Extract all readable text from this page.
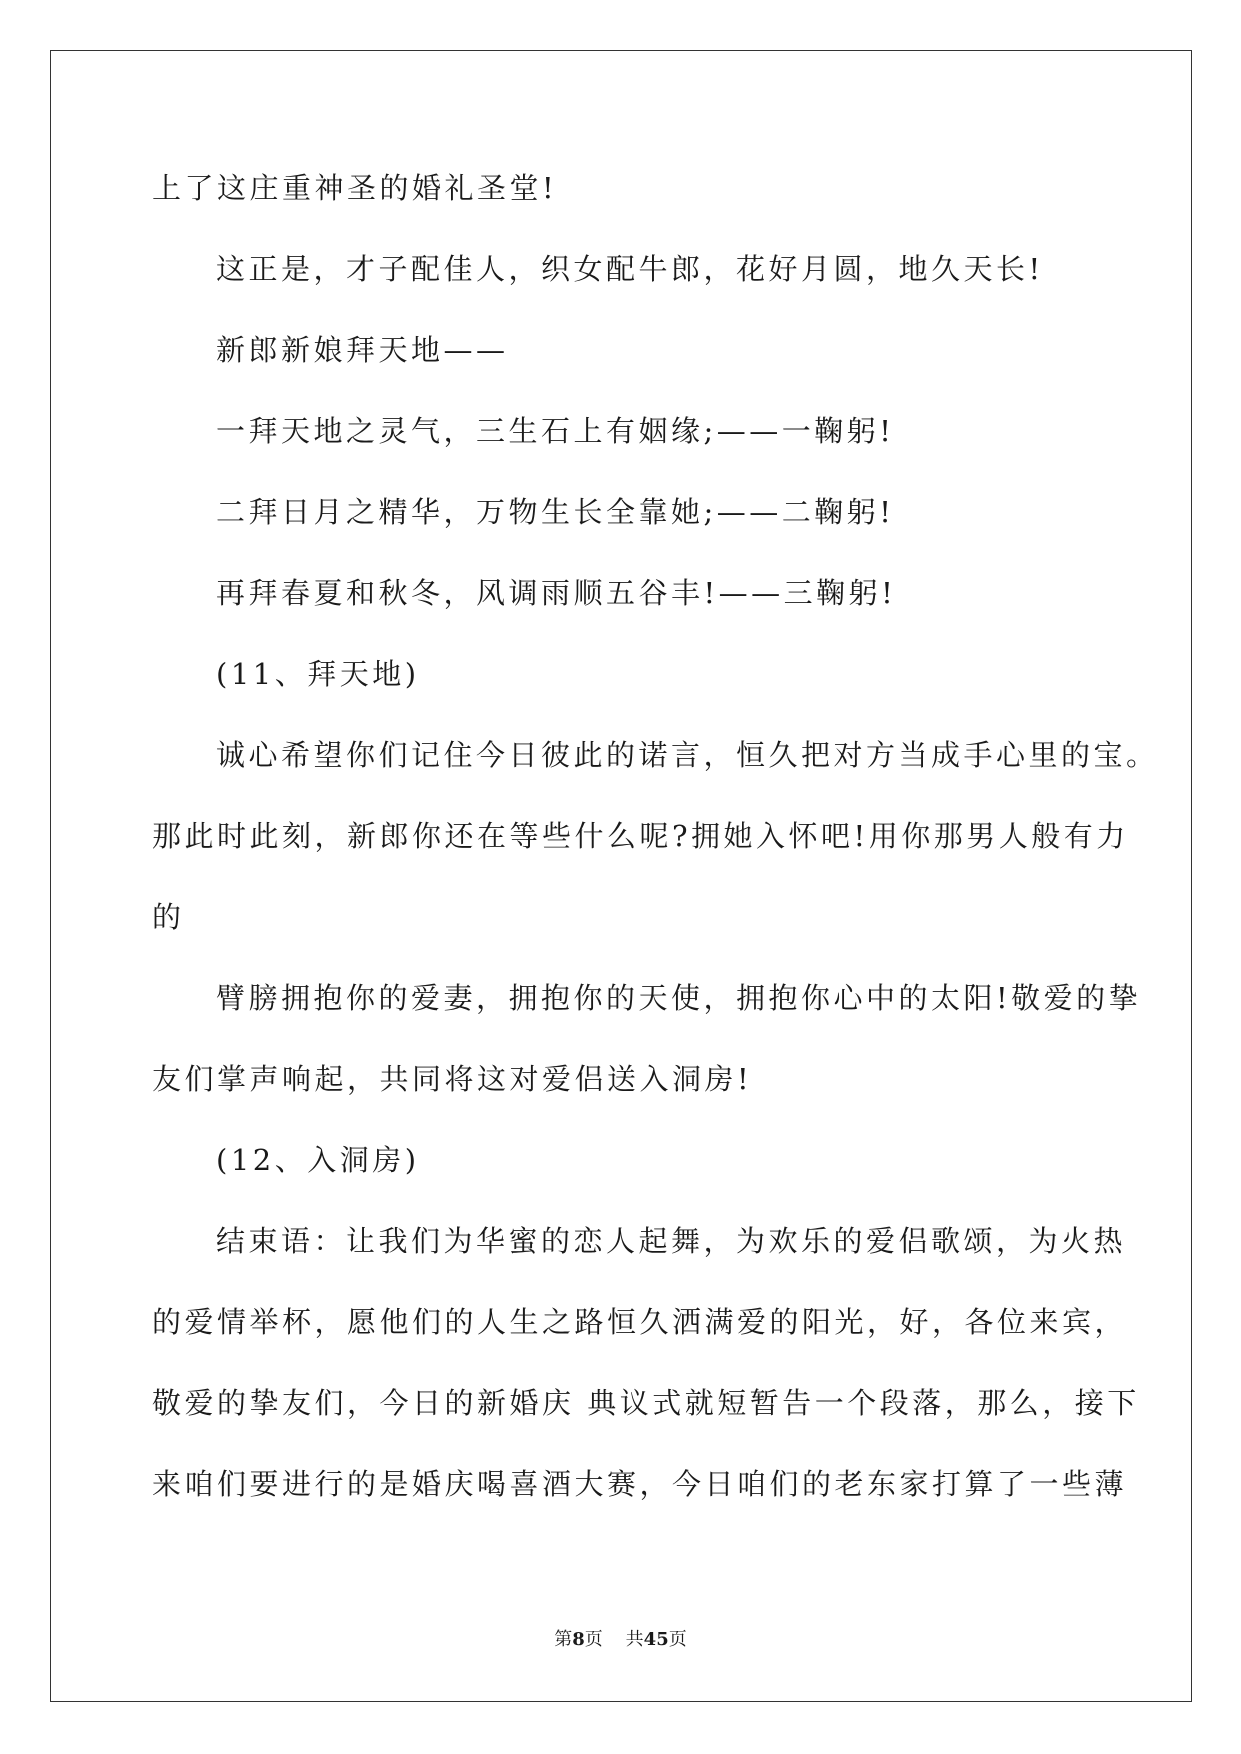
上了这庄重神圣的婚礼圣堂!
这正是，才子配佳人，织女配牛郎，花好月圆，地久天长!
新郎新娘拜天地——
一拜天地之灵气，三生石上有姻缘;——一鞠躬!
二拜日月之精华，万物生长全靠她;——二鞠躬!
再拜春夏和秋冬，风调雨顺五谷丰!——三鞠躬!
(11、拜天地)
诚心希望你们记住今日彼此的诺言，恒久把对方当成手心里的宝。
那此时此刻，新郎你还在等些什么呢?拥她入怀吧!用你那男人般有力
的
臂膀拥抱你的爱妻，拥抱你的天使，拥抱你心中的太阳!敬爱的挚
友们掌声响起，共同将这对爱侣送入洞房!
(12、入洞房)
结束语：让我们为华蜜的恋人起舞，为欢乐的爱侣歌颂，为火热
的爱情举杯，愿他们的人生之路恒久洒满爱的阳光，好，各位来宾，
敬爱的挚友们，今日的新婚庆 典议式就短暂告一个段落，那么，接下
来咱们要进行的是婚庆喝喜酒大赛，今日咱们的老东家打算了一些薄
第8页 共45页
